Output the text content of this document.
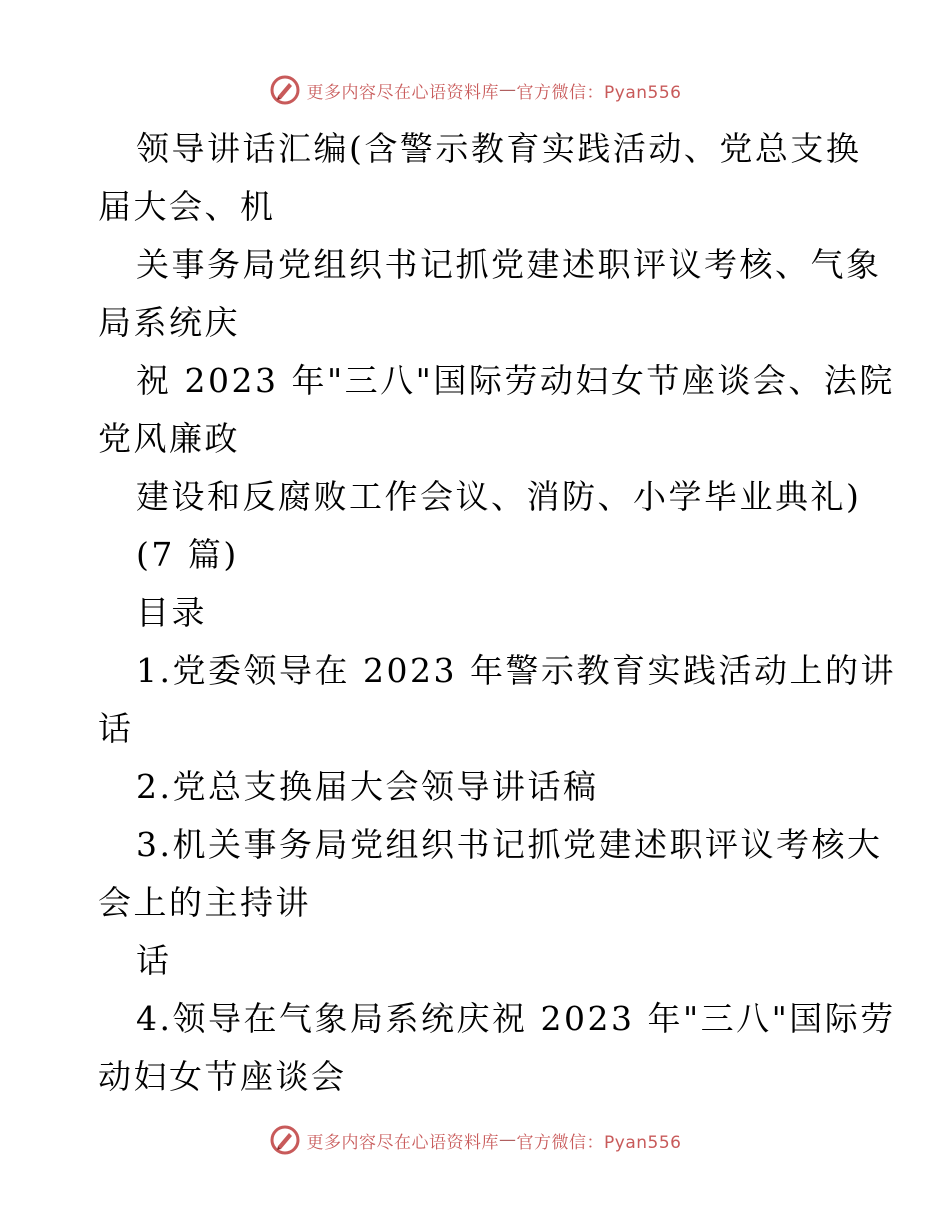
更多内容尽在心语资料库 — 官方微信：Pyan556
领导讲话汇编(含警示教育实践活动、党总支换
届大会、机
关事务局党组织书记抓党建述职评议考核、气象
局系统庆
祝 2023 年"三八"国际劳动妇女节座谈会、法院
党风廉政
建设和反腐败工作会议、消防、小学毕业典礼)
(7 篇)
目录
1.党委领导在 2023 年警示教育实践活动上的讲
话
2.党总支换届大会领导讲话稿
3.机关事务局党组织书记抓党建述职评议考核大
会上的主持讲
话
4.领导在气象局系统庆祝 2023 年"三八"国际劳
动妇女节座谈会
更多内容尽在心语资料库 — 官方微信：Pyan556
